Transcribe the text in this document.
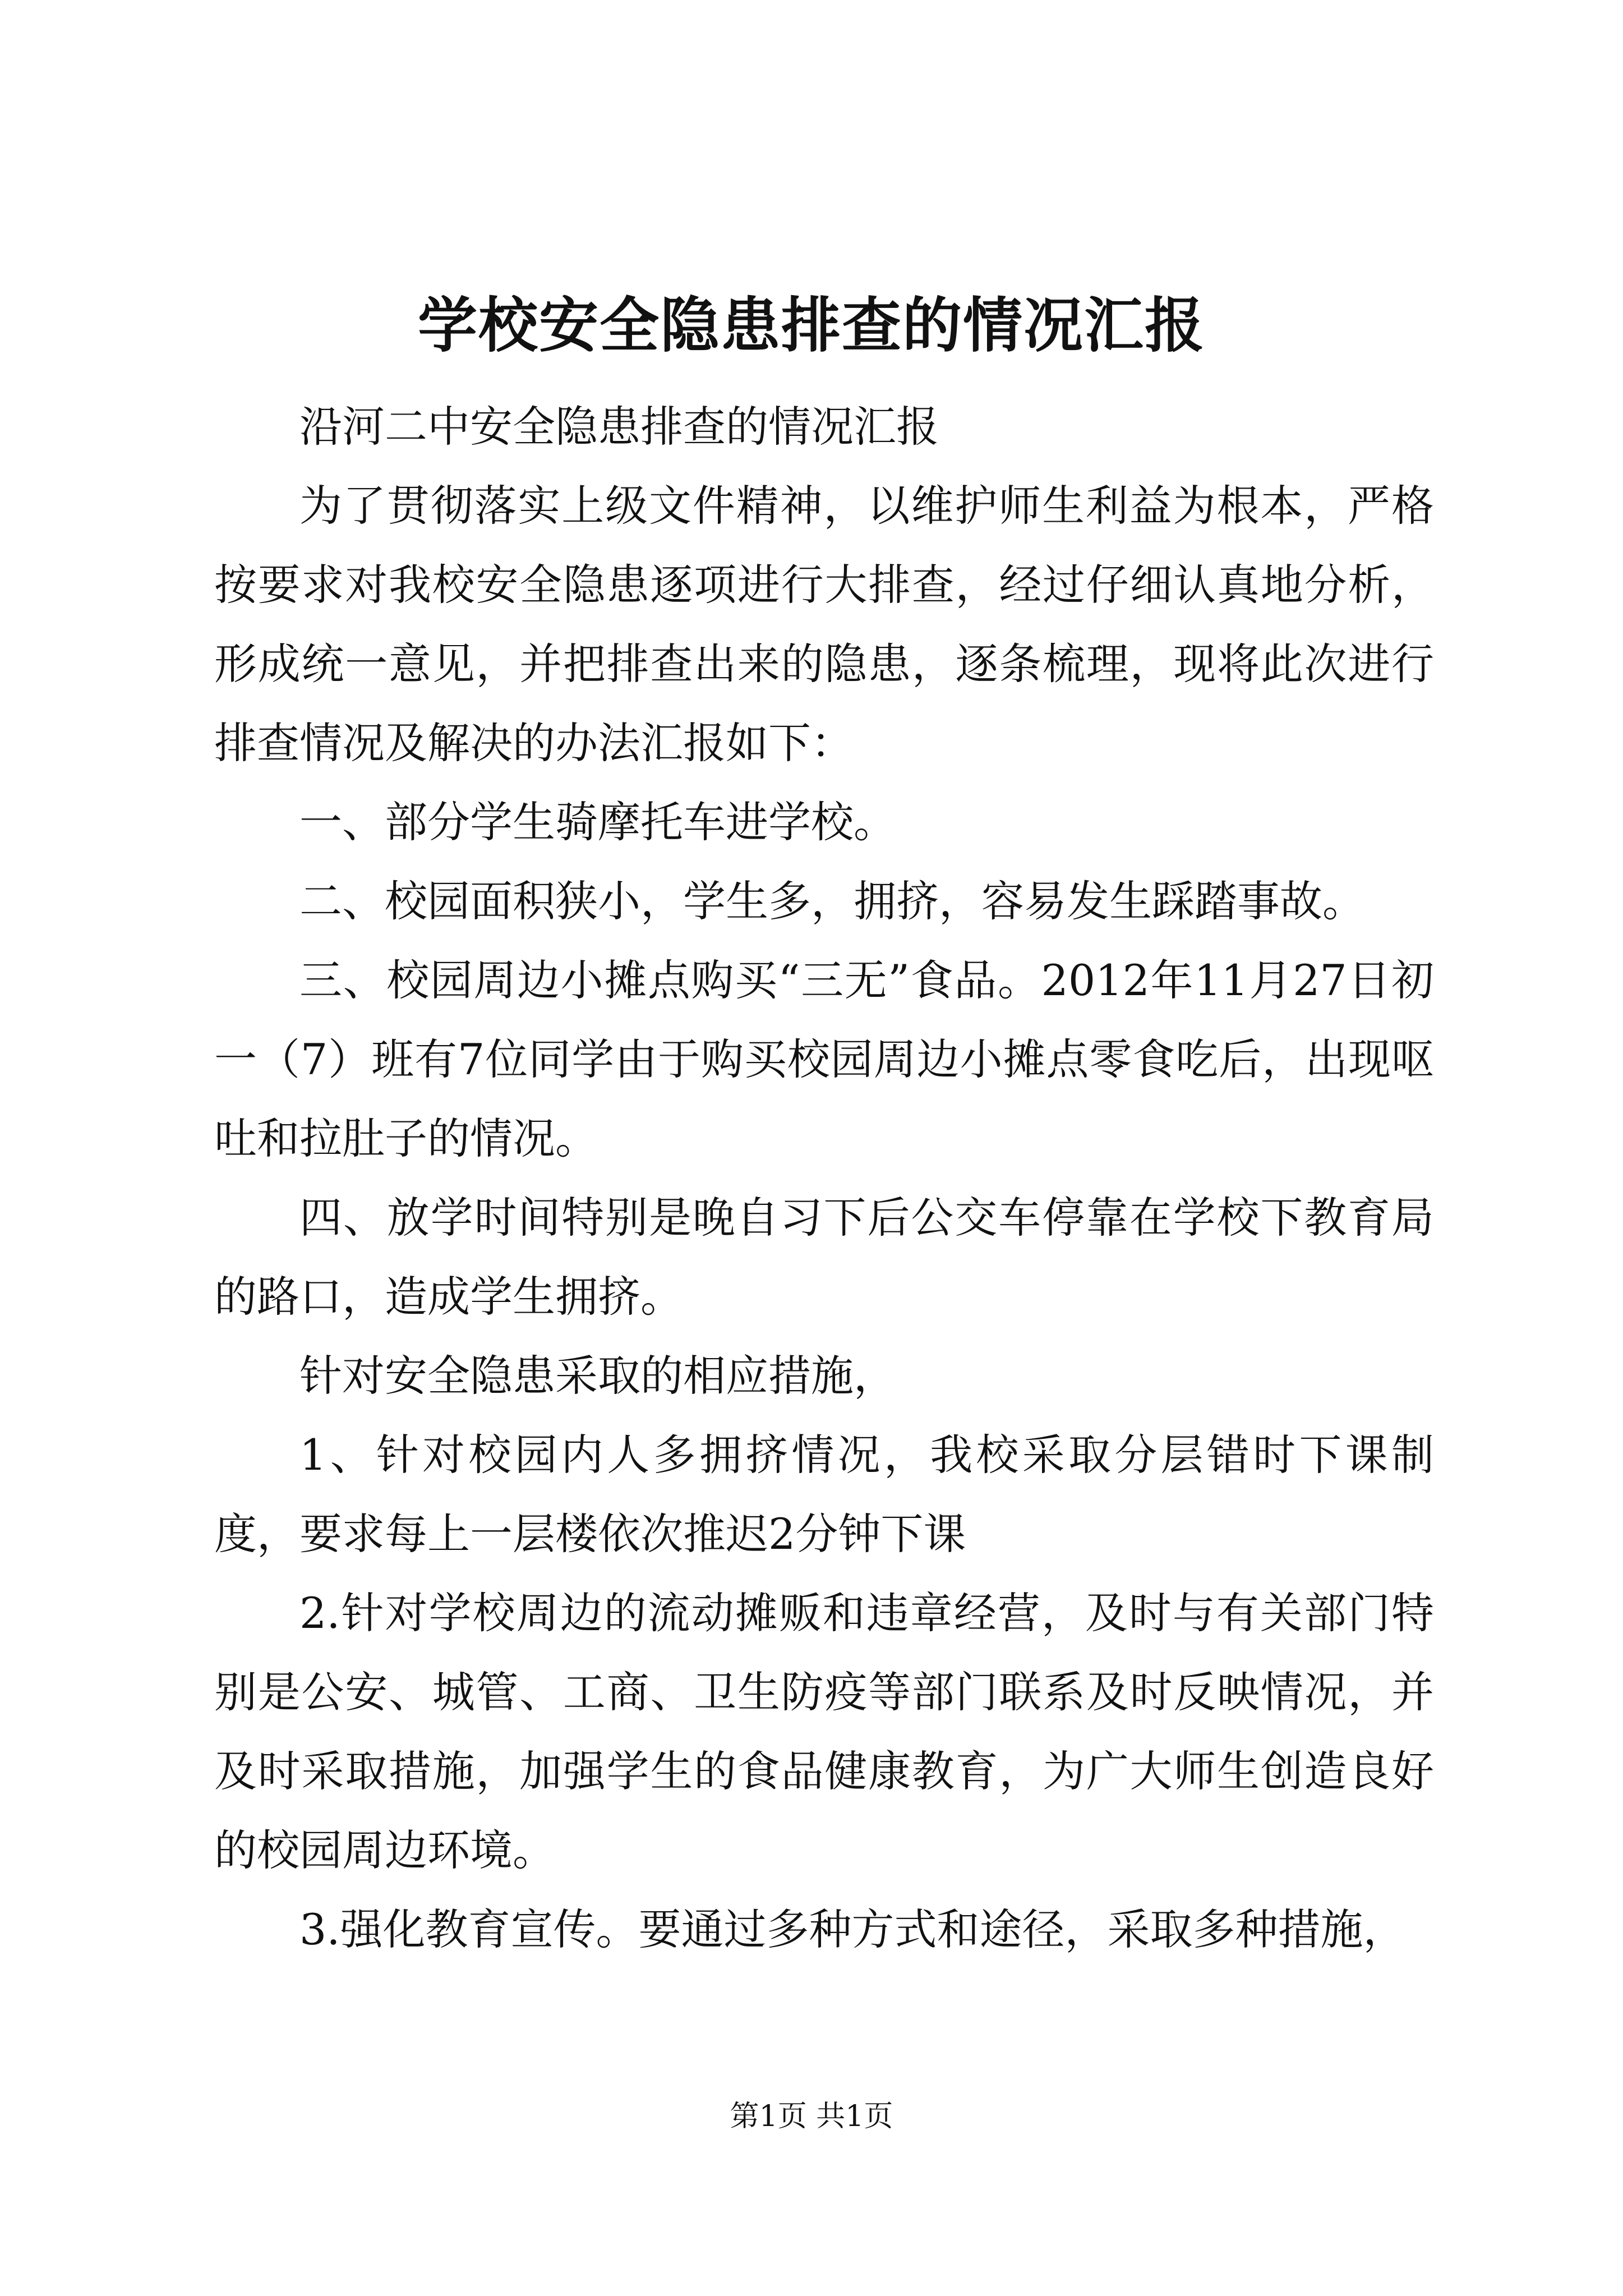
学校安全隐患排查的情况汇报

沿河二中安全隐患排查的情况汇报

为了贯彻落实上级文件精神，以维护师生利益为根本，严格按要求对我校安全隐患逐项进行大排查，经过仔细认真地分析，形成统一意见，并把排查出来的隐患，逐条梳理，现将此次进行排查情况及解决的办法汇报如下：

一、部分学生骑摩托车进学校。

二、校园面积狭小，学生多，拥挤，容易发生踩踏事故。

三、校园周边小摊点购买“三无”食品。2012年11月27日初一（7）班有7位同学由于购买校园周边小摊点零食吃后，出现呕吐和拉肚子的情况。

四、放学时间特别是晚自习下后公交车停靠在学校下教育局的路口，造成学生拥挤。

针对安全隐患采取的相应措施，

1、针对校园内人多拥挤情况，我校采取分层错时下课制度，要求每上一层楼依次推迟2分钟下课

2.针对学校周边的流动摊贩和违章经营，及时与有关部门特别是公安、城管、工商、卫生防疫等部门联系及时反映情况，并及时采取措施，加强学生的食品健康教育，为广大师生创造良好的校园周边环境。

3.强化教育宣传。要通过多种方式和途径，采取多种措施，

第1页 共1页
